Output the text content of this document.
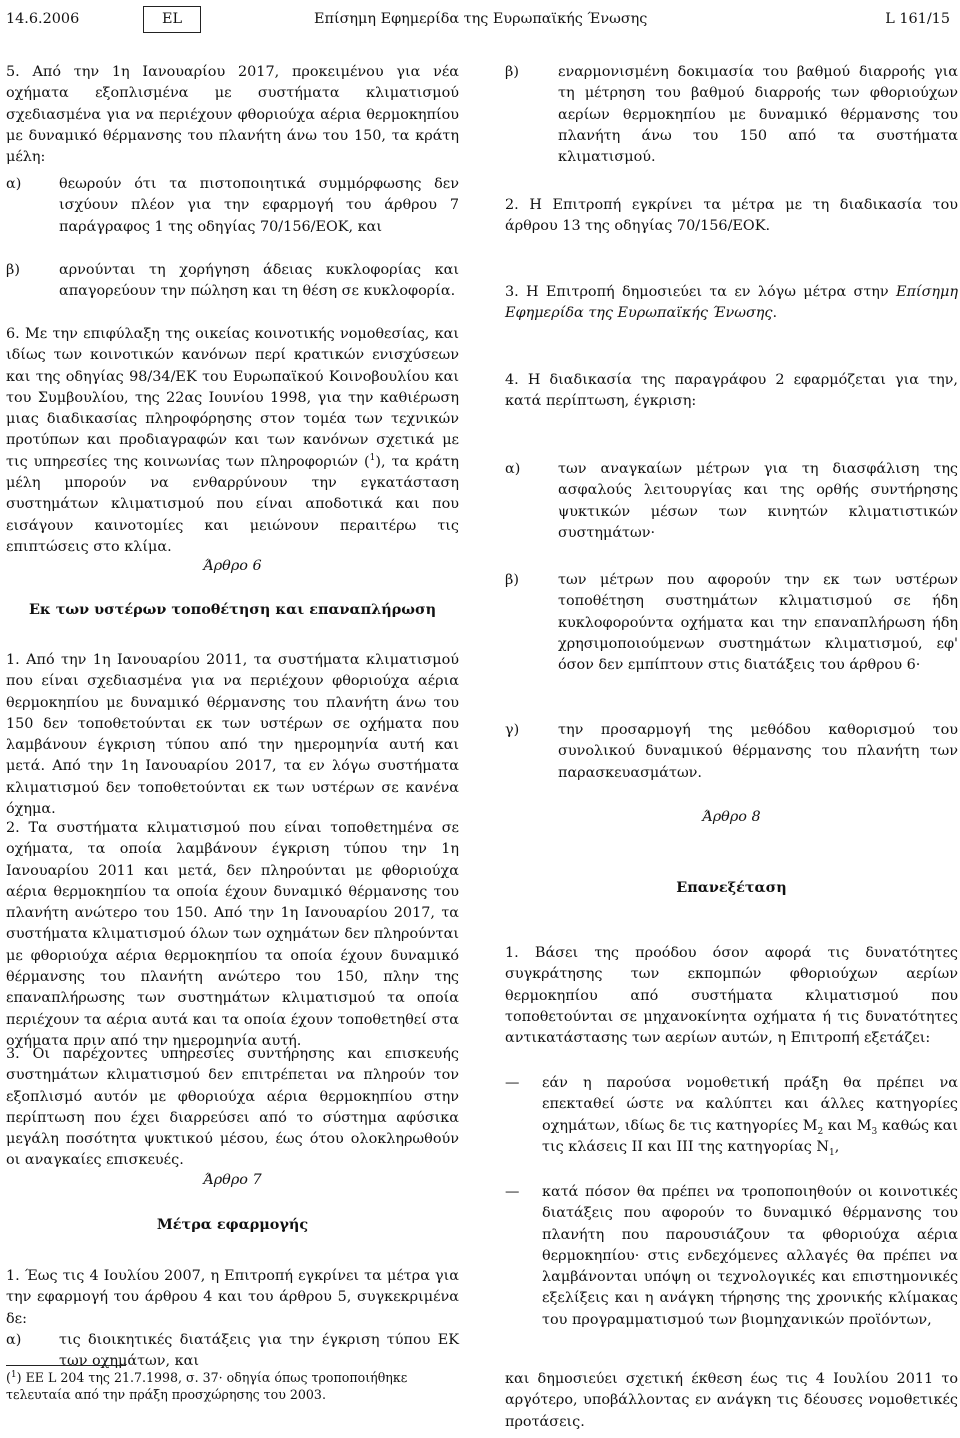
14.6.2006	EL	Επίσημη Εφημερίδα της Ευρωπαϊκής Ένωσης	L 161/15

5. Από την 1η Ιανουαρίου 2017, προκειμένου για νέα οχήματα εξοπλισμένα με συστήματα κλιματισμού σχεδιασμένα για να περιέχουν φθοριούχα αέρια θερμοκηπίου με δυναμικό θέρμανσης του πλανήτη άνω του 150, τα κράτη μέλη:

α)	θεωρούν ότι τα πιστοποιητικά συμμόρφωσης δεν ισχύουν πλέον για την εφαρμογή του άρθρου 7 παράγραφος 1 της οδηγίας 70/156/ΕΟΚ, και
β)	αρνούνται τη χορήγηση άδειας κυκλοφορίας και απαγορεύουν την πώληση και τη θέση σε κυκλοφορία.

6. Με την επιφύλαξη της οικείας κοινοτικής νομοθεσίας, και ιδίως των κοινοτικών κανόνων περί κρατικών ενισχύσεων και της οδηγίας 98/34/ΕΚ του Ευρωπαϊκού Κοινοβουλίου και του Συμβουλίου, της 22ας Ιουνίου 1998, για την καθιέρωση μιας διαδικασίας πληροφόρησης στον τομέα των τεχνικών προτύπων και προδιαγραφών και των κανόνων σχετικά με τις υπηρεσίες της κοινωνίας των πληροφοριών ($^1$), τα κράτη μέλη μπορούν να ενθαρρύνουν την εγκατάσταση συστημάτων κλιματισμού που είναι αποδοτικά και που εισάγουν καινοτομίες και μειώνουν περαιτέρω τις επιπτώσεις στο κλίμα.

Άρθρο 6
Εκ των υστέρων τοποθέτηση και επαναπλήρωση

1. Από την 1η Ιανουαρίου 2011, τα συστήματα κλιματισμού που είναι σχεδιασμένα για να περιέχουν φθοριούχα αέρια θερμοκηπίου με δυναμικό θέρμανσης του πλανήτη άνω του 150 δεν τοποθετούνται εκ των υστέρων σε οχήματα που λαμβάνουν έγκριση τύπου από την ημερομηνία αυτή και μετά. Από την 1η Ιανουαρίου 2017, τα εν λόγω συστήματα κλιματισμού δεν τοποθετούνται εκ των υστέρων σε κανένα όχημα.

2. Τα συστήματα κλιματισμού που είναι τοποθετημένα σε οχήματα, τα οποία λαμβάνουν έγκριση τύπου την 1η Ιανουαρίου 2011 και μετά, δεν πληρούνται με φθοριούχα αέρια θερμοκηπίου τα οποία έχουν δυναμικό θέρμανσης του πλανήτη ανώτερο του 150. Από την 1η Ιανουαρίου 2017, τα συστήματα κλιματισμού όλων των οχημάτων δεν πληρούνται με φθοριούχα αέρια θερμοκηπίου τα οποία έχουν δυναμικό θέρμανσης του πλανήτη ανώτερο του 150, πλην της επαναπλήρωσης των συστημάτων κλιματισμού τα οποία περιέχουν τα αέρια αυτά και τα οποία έχουν τοποθετηθεί στα οχήματα πριν από την ημερομηνία αυτή.

3. Οι παρέχοντες υπηρεσίες συντήρησης και επισκευής συστημάτων κλιματισμού δεν επιτρέπεται να πληρούν τον εξοπλισμό αυτόν με φθοριούχα αέρια θερμοκηπίου στην περίπτωση που έχει διαρρεύσει από το σύστημα αφύσικα μεγάλη ποσότητα ψυκτικού μέσου, έως ότου ολοκληρωθούν οι αναγκαίες επισκευές.

Άρθρο 7
Μέτρα εφαρμογής

1. Έως τις 4 Ιουλίου 2007, η Επιτροπή εγκρίνει τα μέτρα για την εφαρμογή του άρθρου 4 και του άρθρου 5, συγκεκριμένα δε:

α)	τις διοικητικές διατάξεις για την έγκριση τύπου ΕΚ των οχημάτων, και
($^1$) ΕΕ L 204 της 21.7.1998, σ. 37· οδηγία όπως τροποποιήθηκε τελευταία από την πράξη προσχώρησης του 2003.
β)	εναρμονισμένη δοκιμασία του βαθμού διαρροής για τη μέτρηση του βαθμού διαρροής των φθοριούχων αερίων θερμοκηπίου με δυναμικό θέρμανσης του πλανήτη άνω του 150 από τα συστήματα κλιματισμού.

2. Η Επιτροπή εγκρίνει τα μέτρα με τη διαδικασία του άρθρου 13 της οδηγίας 70/156/ΕΟΚ.

3. Η Επιτροπή δημοσιεύει τα εν λόγω μέτρα στην Επίσημη Εφημερίδα της Ευρωπαϊκής Ένωσης.

4. Η διαδικασία της παραγράφου 2 εφαρμόζεται για την, κατά περίπτωση, έγκριση:

α)	των αναγκαίων μέτρων για τη διασφάλιση της ασφαλούς λειτουργίας και της ορθής συντήρησης ψυκτικών μέσων των κινητών κλιματιστικών συστημάτων·
β)	των μέτρων που αφορούν την εκ των υστέρων τοποθέτηση συστημάτων κλιματισμού σε ήδη κυκλοφορούντα οχήματα και την επαναπλήρωση ήδη χρησιμοποιούμενων συστημάτων κλιματισμού, εφ' όσον δεν εμπίπτουν στις διατάξεις του άρθρου 6·
γ)	την προσαρμογή της μεθόδου καθορισμού του συνολικού δυναμικού θέρμανσης του πλανήτη των παρασκευασμάτων.
Άρθρο 8
Επανεξέταση

1. Βάσει της προόδου όσον αφορά τις δυνατότητες συγκράτησης των εκπομπών φθοριούχων αερίων θερμοκηπίου από συστήματα κλιματισμού που τοποθετούνται σε μηχανοκίνητα οχήματα ή τις δυνατότητες αντικατάστασης των αερίων αυτών, η Επιτροπή εξετάζει:

— εάν η παρούσα νομοθετική πράξη θα πρέπει να επεκταθεί ώστε να καλύπτει και άλλες κατηγορίες οχημάτων, ιδίως δε τις κατηγορίες $M_2$ και $M_3$ καθώς και τις κλάσεις II και III της κατηγορίας $N_1$,
— κατά πόσον θα πρέπει να τροποποιηθούν οι κοινοτικές διατάξεις που αφορούν το δυναμικό θέρμανσης του πλανήτη που παρουσιάζουν τα φθοριούχα αέρια θερμοκηπίου· στις ενδεχόμενες αλλαγές θα πρέπει να λαμβάνονται υπόψη οι τεχνολογικές και επιστημονικές εξελίξεις και η ανάγκη τήρησης της χρονικής κλίμακας του προγραμματισμού των βιομηχανικών προϊόντων,

και δημοσιεύει σχετική έκθεση έως τις 4 Ιουλίου 2011 το αργότερο, υποβάλλοντας εν ανάγκη τις δέουσες νομοθετικές προτάσεις.
